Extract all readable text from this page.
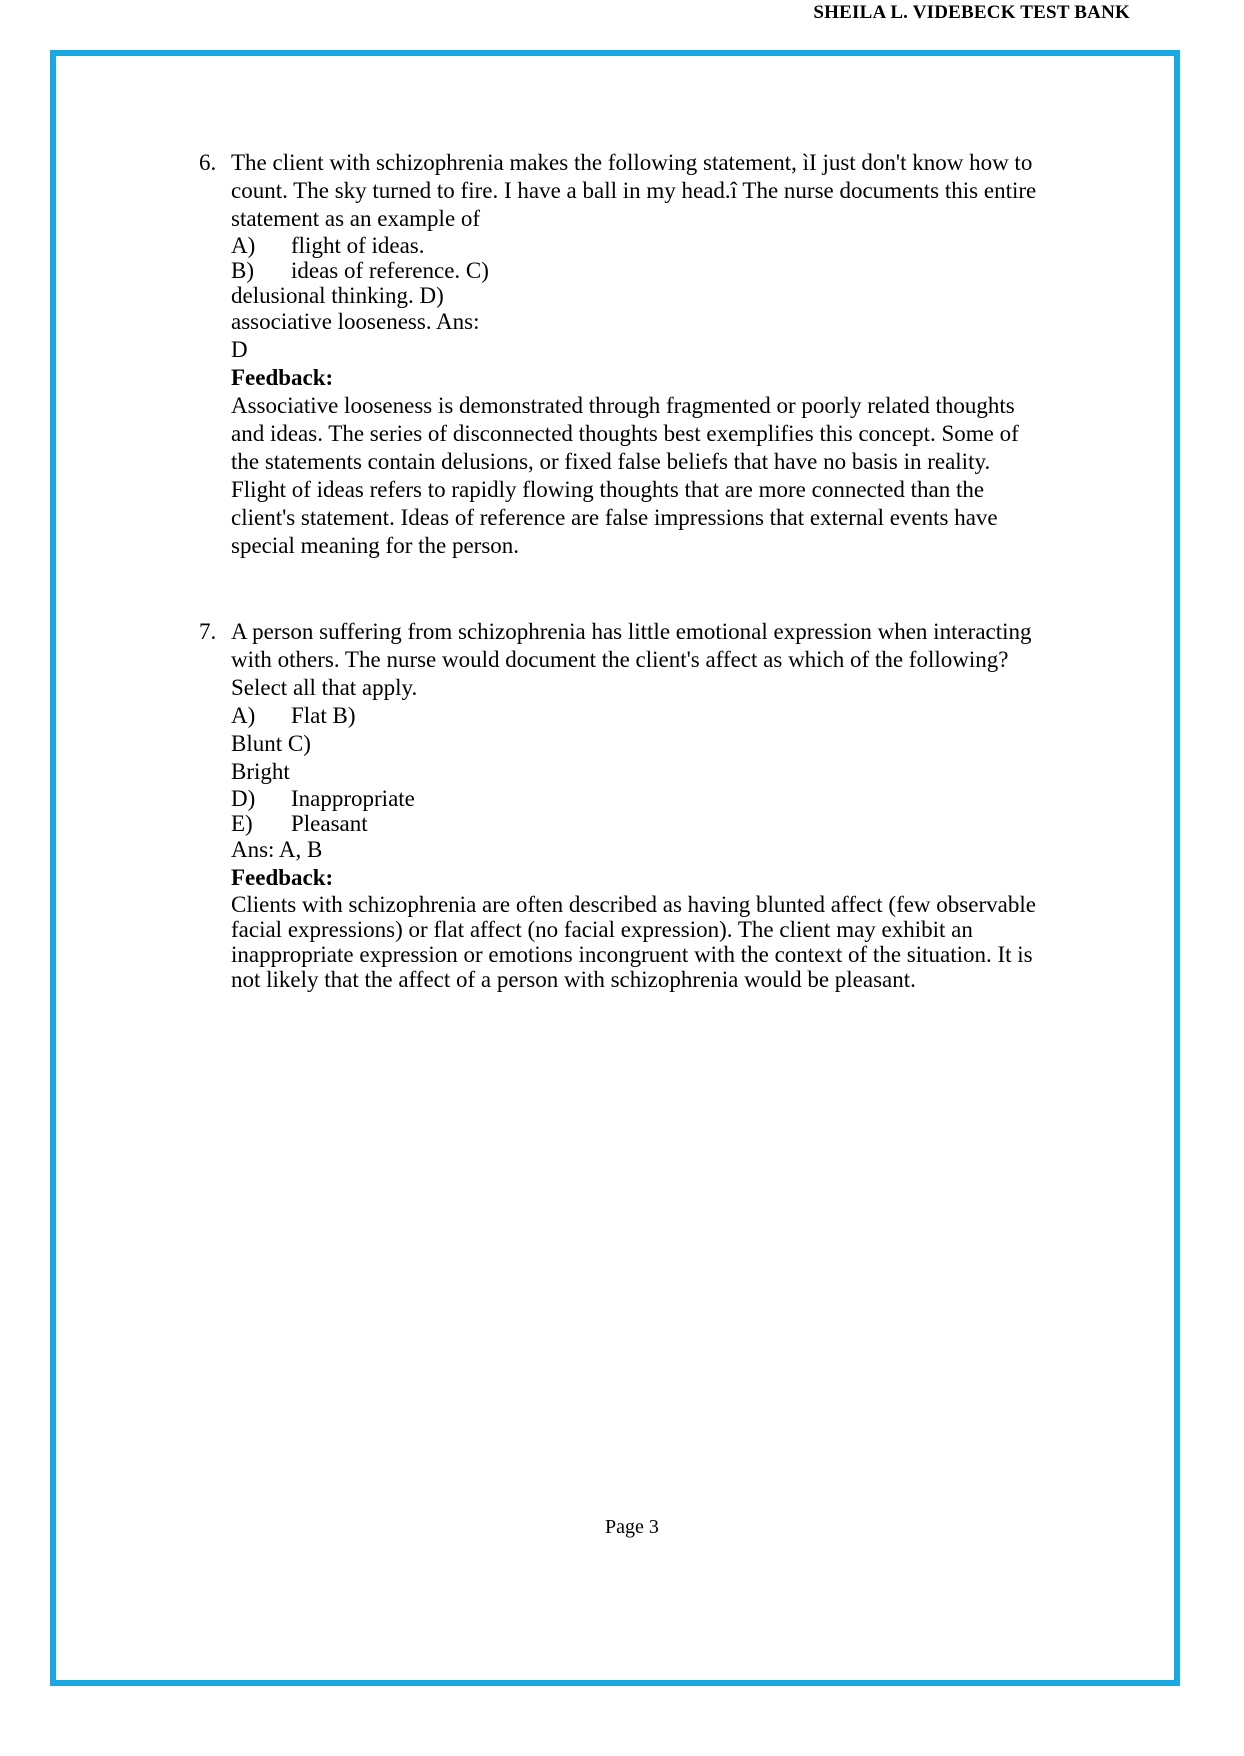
SHEILA L. VIDEBECK TEST BANK
6. The client with schizophrenia makes the following statement, ìI just don't know how to
count. The sky turned to fire. I have a ball in my head.î The nurse documents this entire
statement as an example of
A) flight of ideas.
B) ideas of reference. C)
delusional thinking. D)
associative looseness. Ans:
D
Feedback:
Associative looseness is demonstrated through fragmented or poorly related thoughts
and ideas. The series of disconnected thoughts best exemplifies this concept. Some of
the statements contain delusions, or fixed false beliefs that have no basis in reality.
Flight of ideas refers to rapidly flowing thoughts that are more connected than the
client's statement. Ideas of reference are false impressions that external events have
special meaning for the person.
7. A person suffering from schizophrenia has little emotional expression when interacting
with others. The nurse would document the client's affect as which of the following?
Select all that apply.
A) Flat B)
Blunt C)
Bright
D) Inappropriate
E) Pleasant
Ans: A, B
Feedback:
Clients with schizophrenia are often described as having blunted affect (few observable
facial expressions) or flat affect (no facial expression). The client may exhibit an
inappropriate expression or emotions incongruent with the context of the situation. It is
not likely that the affect of a person with schizophrenia would be pleasant.
Page 3
